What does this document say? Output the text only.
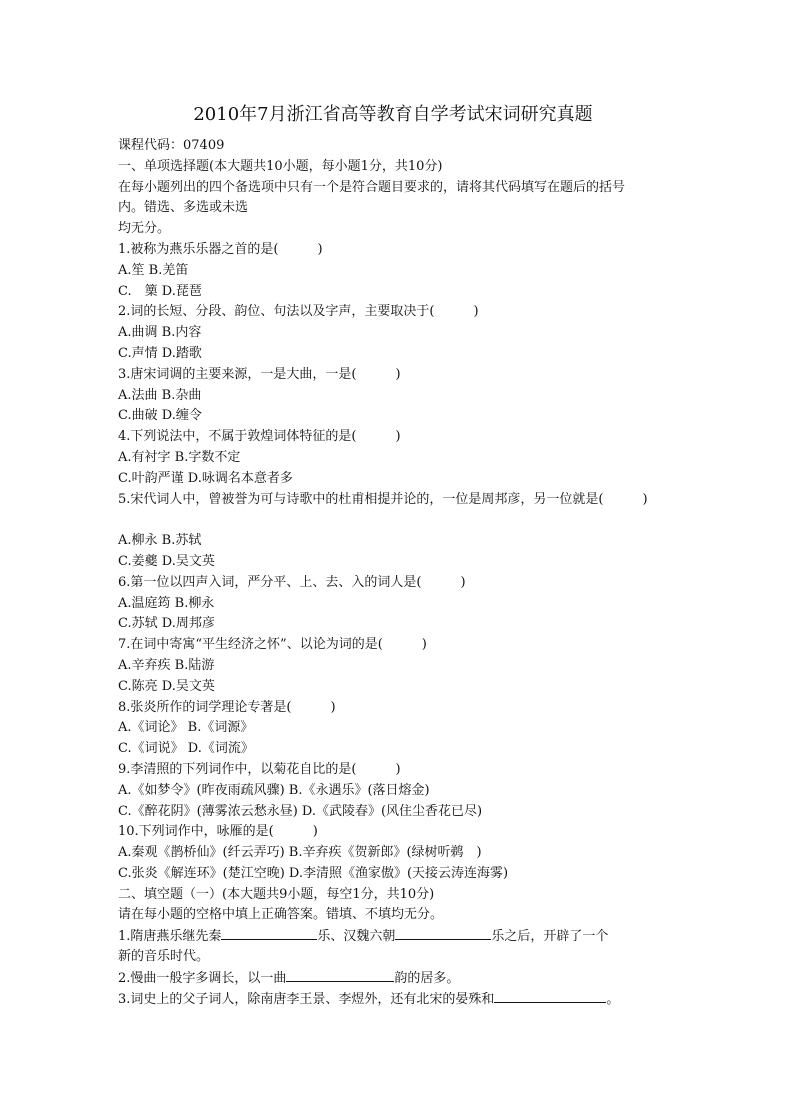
2010年7月浙江省高等教育自学考试宋词研究真题
课程代码：07409
一、单项选择题(本大题共10小题，每小题1分，共10分)
在每小题列出的四个备选项中只有一个是符合题目要求的，请将其代码填写在题后的括号
内。错选、多选或未选
均无分。
1.被称为燕乐乐器之首的是(　　　)
A.笙 B.羌笛
C.　篥 D.琵琶
2.词的长短、分段、韵位、句法以及字声，主要取决于(　　　)
A.曲调 B.内容
C.声情 D.踏歌
3.唐宋词调的主要来源，一是大曲，一是(　　　)
A.法曲 B.杂曲
C.曲破 D.缠令
4.下列说法中，不属于敦煌词体特征的是(　　　)
A.有衬字 B.字数不定
C.叶韵严谨 D.咏调名本意者多
5.宋代词人中，曾被誉为可与诗歌中的杜甫相提并论的，一位是周邦彦，另一位就是(　　　)
A.柳永 B.苏轼
C.姜夔 D.吴文英
6.第一位以四声入词，严分平、上、去、入的词人是(　　　)
A.温庭筠 B.柳永
C.苏轼 D.周邦彦
7.在词中寄寓“平生经济之怀”、以论为词的是(　　　)
A.辛弃疾 B.陆游
C.陈亮 D.吴文英
8.张炎所作的词学理论专著是(　　　)
A.《词论》 B.《词源》
C.《词说》 D.《词流》
9.李清照的下列词作中，以菊花自比的是(　　　)
A.《如梦令》(昨夜雨疏风骤) B.《永遇乐》(落日熔金)
C.《醉花阴》(薄雾浓云愁永昼) D.《武陵春》(风住尘香花已尽)
10.下列词作中，咏雁的是(　　　)
A.秦观《鹊桥仙》(纤云弄巧) B.辛弃疾《贺新郎》(绿树听鹈　)
C.张炎《解连环》(楚江空晚) D.李清照《渔家傲》(天接云涛连海雾)
二、填空题（一）(本大题共9小题，每空1分，共10分)
请在每小题的空格中填上正确答案。错填、不填均无分。
1.隋唐燕乐继先秦	乐、汉魏六朝	乐之后，开辟了一个
新的音乐时代。
2.慢曲一般字多调长，以一曲	韵的居多。
3.词史上的父子词人，除南唐李王景、李煜外，还有北宋的晏殊和	。
